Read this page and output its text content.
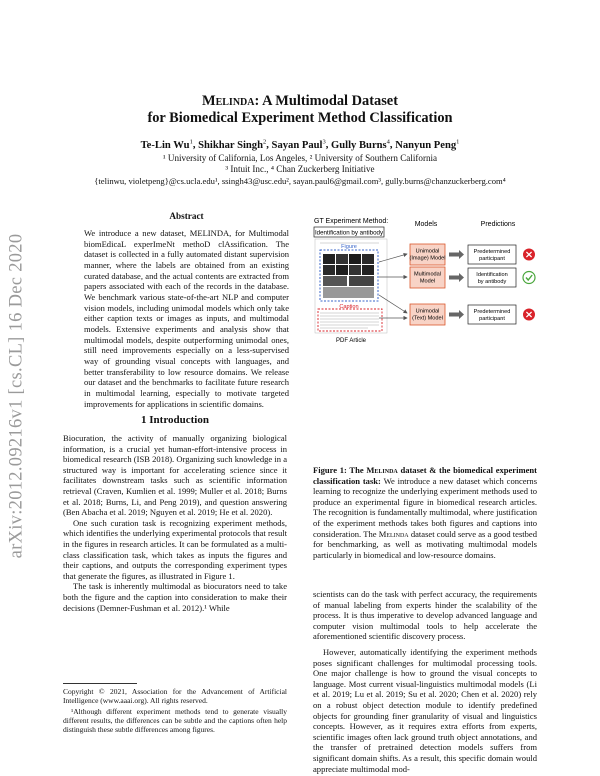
arXiv:2012.09216v1 [cs.CL] 16 Dec 2020
Melinda: A Multimodal Dataset
for Biomedical Experiment Method Classification
Te-Lin Wu$^1$, Shikhar Singh$^2$, Sayan Paul$^3$, Gully Burns$^4$, Nanyun Peng$^1$
¹ University of California, Los Angeles, ² University of Southern California
³ Intuit Inc., ⁴ Chan Zuckerberg Initiative
{telinwu, violetpeng}@cs.ucla.edu¹, ssingh43@usc.edu², sayan.paul6@gmail.com³, gully.burns@chanzuckerberg.com⁴
Abstract
We introduce a new dataset, MELINDA, for Multimodal biomEdicaL experImeNt methoD clAssification. The dataset is collected in a fully automated distant supervision manner, where the labels are obtained from an existing curated database, and the actual contents are extracted from papers associated with each of the records in the database. We benchmark various state-of-the-art NLP and computer vision models, including unimodal models which only take either caption texts or images as inputs, and multimodal models. Extensive experiments and analysis show that multimodal models, despite outperforming unimodal ones, still need improvements especially on a less-supervised way of grounding visual concepts with languages, and better transferability to low resource domains. We release our dataset and the benchmarks to facilitate future research in multimodal learning, especially to motivate targeted improvements for applications in scientific domains.
1 Introduction

Biocuration, the activity of manually organizing biological information, is a crucial yet human-effort-intensive process in biomedical research (ISB 2018). Organizing such knowledge in a structured way is important for accelerating science since it facilitates downstream tasks such as scientific information retrieval (Craven, Kumlien et al. 1999; Muller et al. 2018; Burns et al. 2018; Burns, Li, and Peng 2019), and question answering (Ben Abacha et al. 2019; Nguyen et al. 2019; He et al. 2020).

One such curation task is recognizing experiment methods, which identifies the underlying experimental protocols that result in the figures in research articles. It can be formulated as a multi-class classification task, which takes as inputs the figures and their captions, and outputs the corresponding experiment types that generate the figures, as illustrated in Figure 1.

The task is inherently multimodal as biocurators need to take both the figure and the caption into consideration to make their decisions (Demner-Fushman et al. 2012).¹ While

Copyright © 2021, Association for the Advancement of Artificial Intelligence (www.aaai.org). All rights reserved.
¹Although different experiment methods tend to generate visually different results, the differences can be subtle and the captions often help distinguish these subtle differences among figures.
GT Experiment Method:	Models	Predictions
Identification by antibody
Figure
Caption
PDF Article
Unimodal
(Image) Model
Predetermined
participant
Multimodal
Model
Identification
by antibody
Unimodal
(Text) Model
Predetermined
participant
Figure 1: The Melinda dataset & the biomedical experiment classification task: We introduce a new dataset which concerns learning to recognize the underlying experiment methods used to produce an experimental figure in biomedical research articles. The recognition is fundamentally multimodal, where justification of the experiment methods takes both figures and captions into consideration. The Melinda dataset could serve as a good testbed for benchmarking, as well as motivating multimodal models particularly in biomedical and low-resource domains.

scientists can do the task with perfect accuracy, the requirements of manual labeling from experts hinder the scalability of the process. It is thus imperative to develop advanced language and computer vision multimodal tools to help accelerate the aforementioned scientific discovery process.

However, automatically identifying the experiment methods poses significant challenges for multimodal processing tools. One major challenge is how to ground the visual concepts to language. Most current visual-linguistics multimodal models (Li et al. 2019; Lu et al. 2019; Su et al. 2020; Chen et al. 2020) rely on a robust object detection module to identify predefined objects for grounding finer granularity of visual and linguistics concepts. However, as it requires extra efforts from experts, scientific images often lack ground truth object annotations, and the transfer of pretrained detection models suffers from significant domain shifts. As a result, this specific domain would appreciate multimodal mod-
